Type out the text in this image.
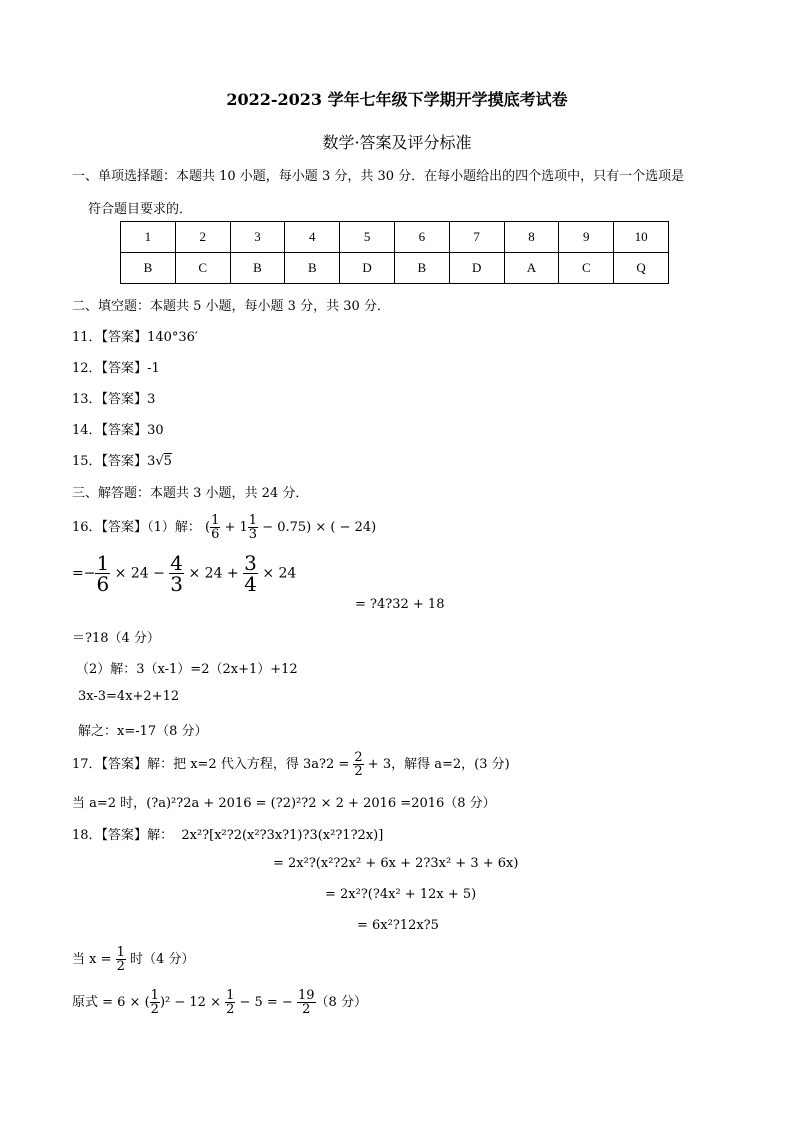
2022-2023 学年七年级下学期开学摸底考试卷
数学·答案及评分标准
一、单项选择题：本题共 10 小题，每小题 3 分，共 30 分．在每小题给出的四个选项中，只有一个选项是
符合题目要求的．
1	2	3	4	5	6	7	8	9	10
B	C	B	B	D	B	D	A	C	Q
二、填空题：本题共 5 小题，每小题 3 分，共 30 分．
11．【答案】140°36′
12．【答案】-1
13．【答案】3
14．【答案】30
15．【答案】3√5
三、解答题：本题共 3 小题，共 24 分．
16．【答案】（1）解： ( $\frac{1}{6} + 1 \frac{1}{3} - 0.75$) × ( − 24)
=− $\frac{1}{6} \times 24 - \frac{4}{3} \times 24 + \frac{3}{4} \times 24$
= ?4?32 + 18
＝?18（4 分）
（2）解：3（x-1）=2（2x+1）+12
3x-3=4x+2+12
解之：x=-17（8 分）
17．【答案】解：把 x=2 代入方程，得 3a?2 = $\frac{2}{2} + 3$，解得 a=2，(3 分)
当 a=2 时，(?a)²?2a + 2016 = (?2)²?2 × 2 + 2016 =2016（8 分）
18．【答案】解： 2x²?[x²?2(x²?3x?1)?3(x²?1?2x)]
= 2x²?(x²?2x² + 6x + 2?3x² + 3 + 6x)
= 2x²?(?4x² + 12x + 5)
= 6x²?12x?5
当 $x = \frac{1}{2}$ 时（4 分）
原式 = 6 × ( $\frac{1}{2} )^2 - 12 \times \frac{1}{2} - 5$ = − $\frac{19}{2} (8$ 分）
